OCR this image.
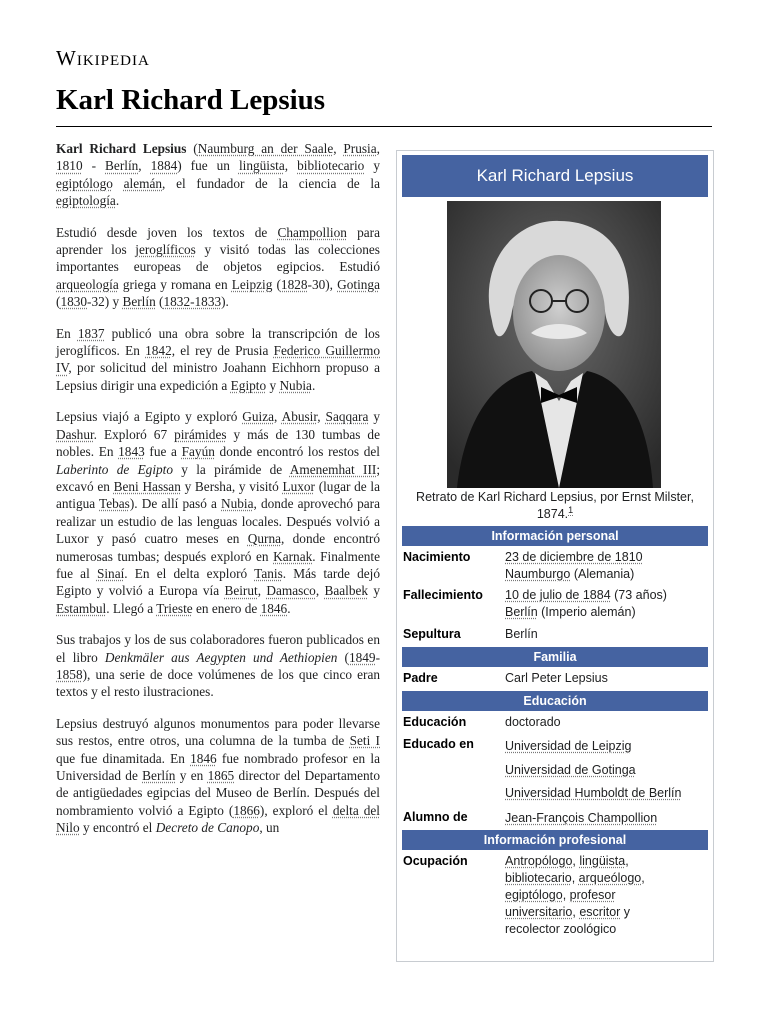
Wikipedia
Karl Richard Lepsius

Karl Richard Lepsius (Naumburg an der Saale, Prusia, 1810 - Berlín, 1884) fue un lingüista, bibliotecario y egiptólogo alemán, el fundador de la ciencia de la egiptología.

Estudió desde joven los textos de Champollion para aprender los jeroglíficos y visitó todas las colecciones importantes europeas de objetos egipcios. Estudió arqueología griega y romana en Leipzig (1828-30), Gotinga (1830-32) y Berlín (1832-1833).

En 1837 publicó una obra sobre la transcripción de los jeroglíficos. En 1842, el rey de Prusia Federico Guillermo IV, por solicitud del ministro Joahann Eichhorn propuso a Lepsius dirigir una expedición a Egipto y Nubia.

Lepsius viajó a Egipto y exploró Guiza, Abusir, Saqqara y Dashur. Exploró 67 pirámides y más de 130 tumbas de nobles. En 1843 fue a Fayún donde encontró los restos del Laberinto de Egipto y la pirámide de Amenemhat III; excavó en Beni Hassan y Bersha, y visitó Luxor (lugar de la antigua Tebas). De allí pasó a Nubia, donde aprovechó para realizar un estudio de las lenguas locales. Después volvió a Luxor y pasó cuatro meses en Qurna, donde encontró numerosas tumbas; después exploró en Karnak. Finalmente fue al Sinaí. En el delta exploró Tanis. Más tarde dejó Egipto y volvió a Europa vía Beirut, Damasco, Baalbek y Estambul. Llegó a Trieste en enero de 1846.

Sus trabajos y los de sus colaboradores fueron publicados en el libro Denkmäler aus Aegypten und Aethiopien (1849-1858), una serie de doce volúmenes de los que cinco eran textos y el resto ilustraciones.

Lepsius destruyó algunos monumentos para poder llevarse sus restos, entre otros, una columna de la tumba de Seti I que fue dinamitada. En 1846 fue nombrado profesor en la Universidad de Berlín y en 1865 director del Departamento de antigüedades egipcias del Museo de Berlín. Después del nombramiento volvió a Egipto (1866), exploró el delta del Nilo y encontró el Decreto de Canopo, un

Karl Richard Lepsius
Retrato de Karl Richard Lepsius, por Ernst Milster, 1874.$^1$
Información personal
Nacimiento	23 de diciembre de 1810
Naumburgo (Alemania)
Fallecimiento 10 de julio de 1884 (73 años)
Berlín (Imperio alemán)
Sepultura	Berlín
Familia
Padre	Carl Peter Lepsius
Educación
Educación	doctorado
Educado en Universidad de Leipzig
Universidad de Gotinga
Universidad Humboldt de Berlín
Alumno de	Jean-François Champollion
Información profesional
Ocupación	Antropólogo, lingüista, bibliotecario, arqueólogo, egiptólogo, profesor universitario, escritor y recolector zoológico
